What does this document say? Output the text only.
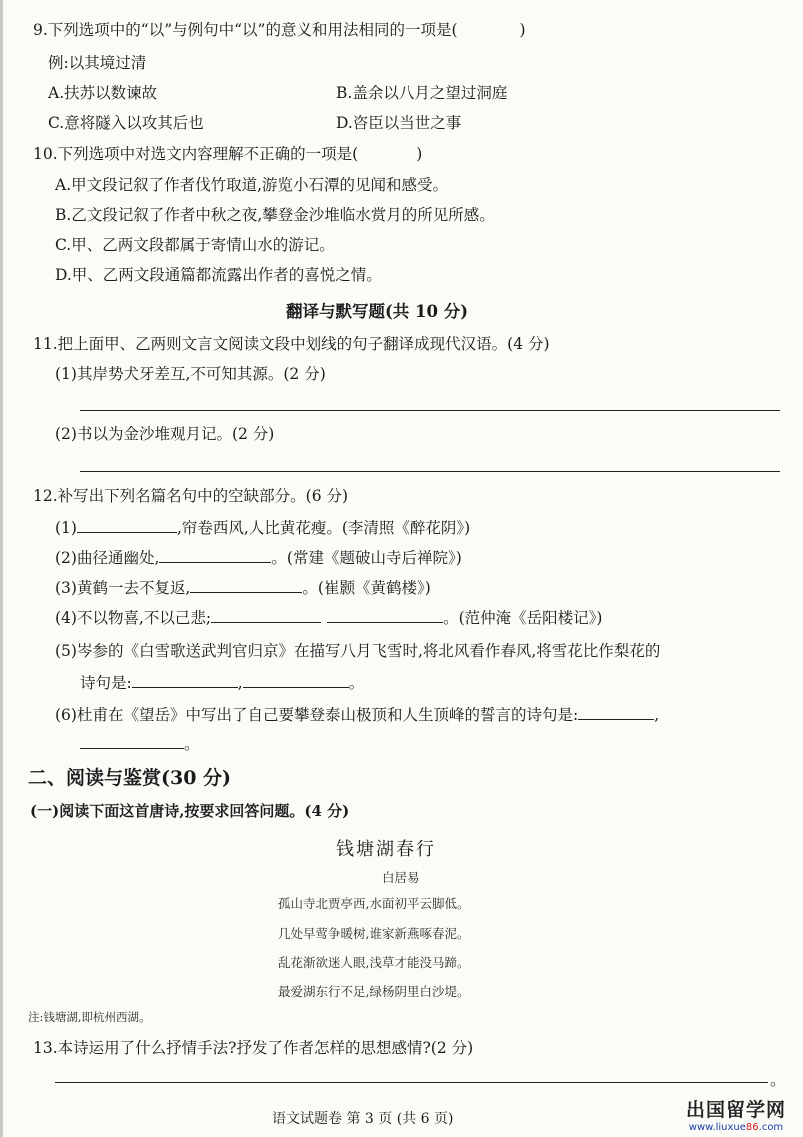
9.下列选项中的“以”与例句中“以”的意义和用法相同的一项是(	)
例:以其境过清
A.扶苏以数谏故	B.盖余以八月之望过洞庭
C.意将隧入以攻其后也	D.咨臣以当世之事
10.下列选项中对选文内容理解不正确的一项是(	)
A.甲文段记叙了作者伐竹取道,游览小石潭的见闻和感受。
B.乙文段记叙了作者中秋之夜,攀登金沙堆临水赏月的所见所感。
C.甲、乙两文段都属于寄情山水的游记。
D.甲、乙两文段通篇都流露出作者的喜悦之情。
翻译与默写题(共 10 分)
11.把上面甲、乙两则文言文阅读文段中划线的句子翻译成现代汉语。(4 分)
(1)其岸势犬牙差互,不可知其源。(2 分)
(2)书以为金沙堆观月记。(2 分)
12.补写出下列名篇名句中的空缺部分。(6 分)
(1)	,帘卷西风,人比黄花瘦。(李清照《醉花阴》)
(2)曲径通幽处,	。(常建《题破山寺后禅院》)
(3)黄鹤一去不复返,	。(崔颢《黄鹤楼》)
(4)不以物喜,不以己悲;	。(范仲淹《岳阳楼记》)
(5)岑参的《白雪歌送武判官归京》在描写八月飞雪时,将北风看作春风,将雪花比作梨花的
诗句是:	,	。
(6)杜甫在《望岳》中写出了自己要攀登泰山极顶和人生顶峰的誓言的诗句是:	,
。
二、阅读与鉴赏(30 分)
(一)阅读下面这首唐诗,按要求回答问题。(4 分)
钱塘湖春行
白居易
孤山寺北贾亭西,水面初平云脚低。
几处早莺争暖树,谁家新燕啄春泥。
乱花渐欲迷人眼,浅草才能没马蹄。
最爱湖东行不足,绿杨阴里白沙堤。
注:钱塘湖,即杭州西湖。
13.本诗运用了什么抒情手法?抒发了作者怎样的思想感情?(2 分)
。
语文试题卷 第 3 页 (共 6 页)	出国留学网
www.liuxue86.com
